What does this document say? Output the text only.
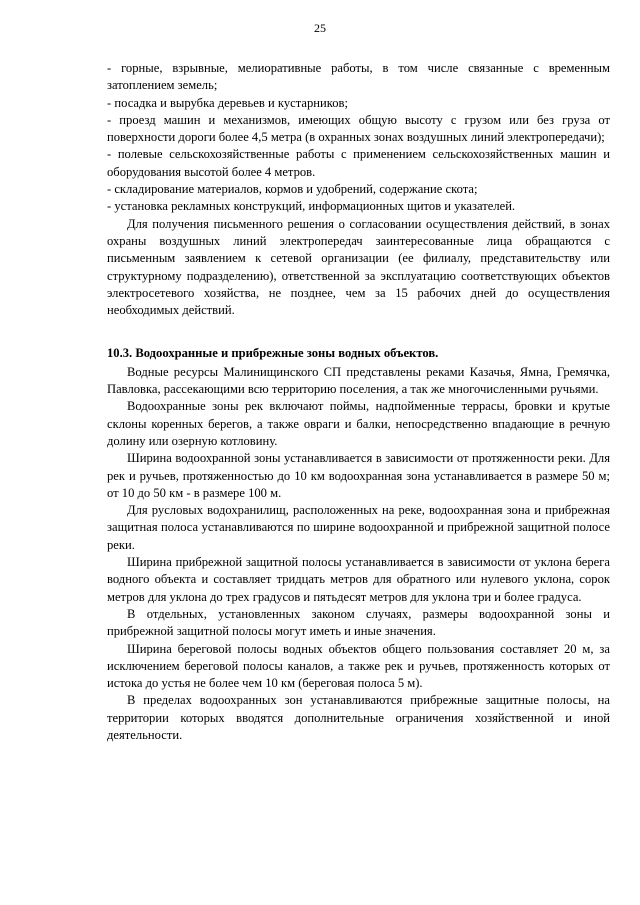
25

- горные, взрывные, мелиоративные работы, в том числе связанные с временным затоплением земель;

- посадка и вырубка деревьев и кустарников;

- проезд машин и механизмов, имеющих общую высоту с грузом или без груза от поверхности дороги более 4,5 метра (в охранных зонах воздушных линий электропередачи);

- полевые сельскохозяйственные работы с применением сельскохозяйственных машин и оборудования высотой более 4 метров.

- складирование материалов, кормов и удобрений, содержание скота;

- установка рекламных конструкций, информационных щитов и указателей.

Для получения письменного решения о согласовании осуществления действий, в зонах охраны воздушных линий электропередач заинтересованные лица обращаются с письменным заявлением к сетевой организации (ее филиалу, представительству или структурному подразделению), ответственной за эксплуатацию соответствующих объектов электросетевого хозяйства, не позднее, чем за 15 рабочих дней до осуществления необходимых действий.

10.3. Водоохранные и прибрежные зоны водных объектов.

Водные ресурсы Малинищинского СП представлены реками Казачья, Ямна, Гремячка, Павловка, рассекающими всю территорию поселения, а так же многочисленными ручьями.

Водоохранные зоны рек включают поймы, надпойменные террасы, бровки и крутые склоны коренных берегов, а также овраги и балки, непосредственно впадающие в речную долину или озерную котловину.

Ширина водоохранной зоны устанавливается в зависимости от протяженности реки. Для рек и ручьев, протяженностью до 10 км водоохранная зона устанавливается в размере 50 м; от 10 до 50 км - в размере 100 м.

Для русловых водохранилищ, расположенных на реке, водоохранная зона и прибрежная защитная полоса устанавливаются по ширине водоохранной и прибрежной защитной полосе реки.

Ширина прибрежной защитной полосы устанавливается в зависимости от уклона берега водного объекта и составляет тридцать метров для обратного или нулевого уклона, сорок метров для уклона до трех градусов и пятьдесят метров для уклона три и более градуса.

В отдельных, установленных законом случаях, размеры водоохранной зоны и прибрежной защитной полосы могут иметь и иные значения.

Ширина береговой полосы водных объектов общего пользования составляет 20 м, за исключением береговой полосы каналов, а также рек и ручьев, протяженность которых от истока до устья не более чем 10 км (береговая полоса 5 м).

В пределах водоохранных зон устанавливаются прибрежные защитные полосы, на территории которых вводятся дополнительные ограничения хозяйственной и иной деятельности.
